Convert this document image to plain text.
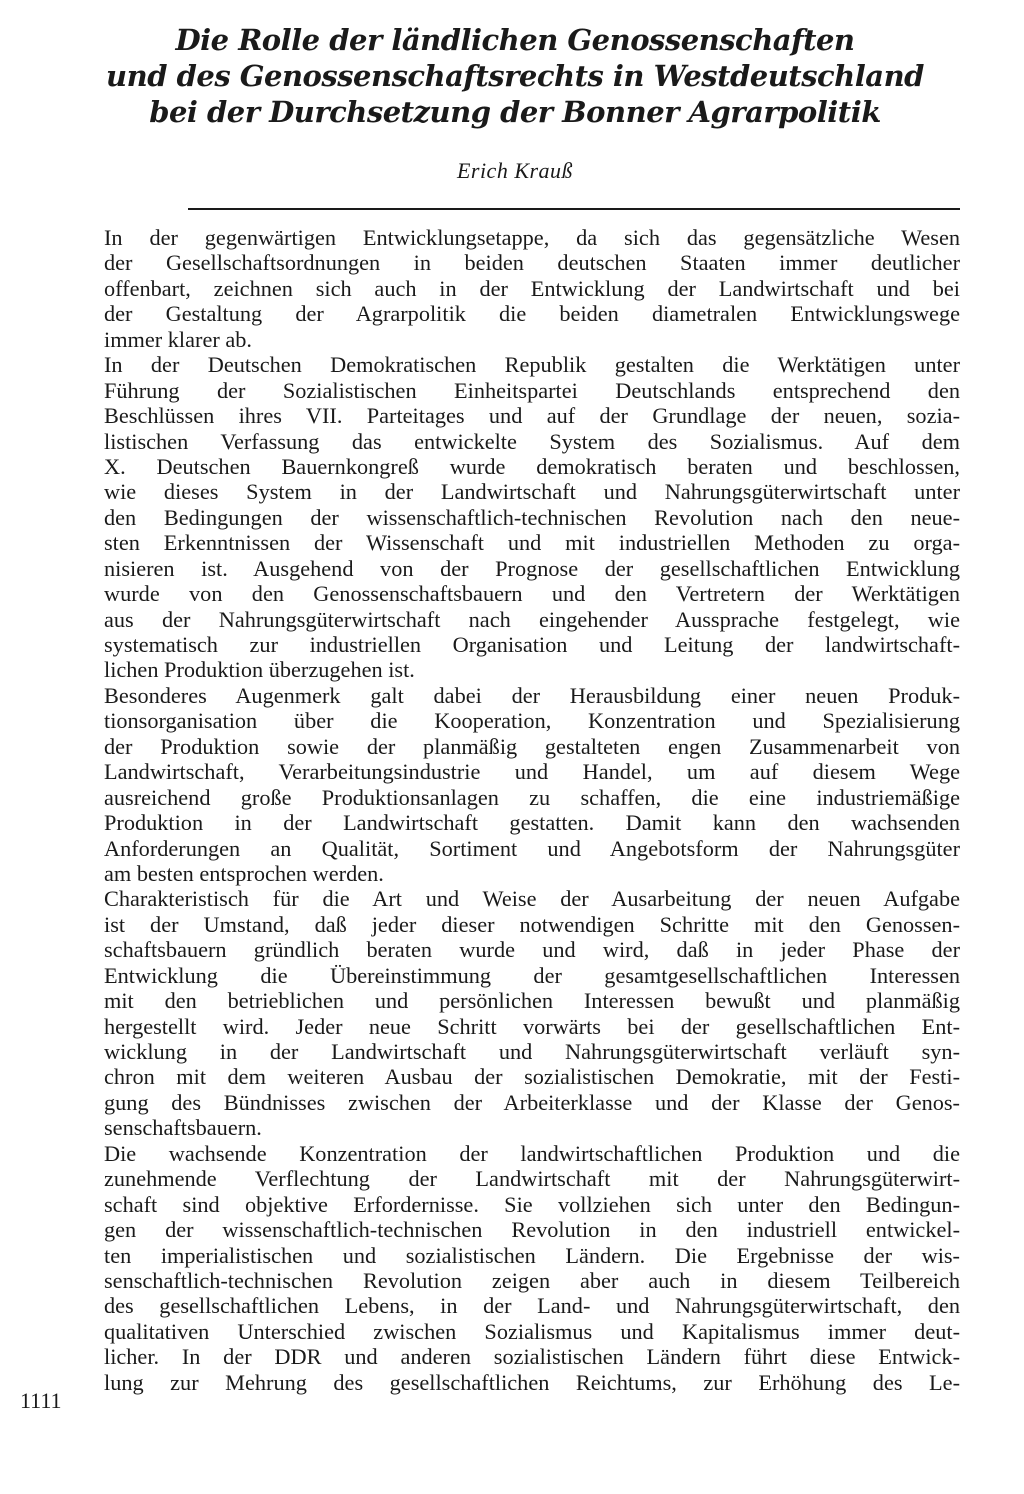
Die Rolle der ländlichen Genossenschaften
und des Genossenschaftsrechts in Westdeutschland
bei der Durchsetzung der Bonner Agrarpolitik
Erich Krauß
In der gegenwärtigen Entwicklungsetappe, da sich das gegensätzliche Wesen
der Gesellschaftsordnungen in beiden deutschen Staaten immer deutlicher
offenbart, zeichnen sich auch in der Entwicklung der Landwirtschaft und bei
der Gestaltung der Agrarpolitik die beiden diametralen Entwicklungswege
immer klarer ab.
In der Deutschen Demokratischen Republik gestalten die Werktätigen unter
Führung der Sozialistischen Einheitspartei Deutschlands entsprechend den
Beschlüssen ihres VII. Parteitages und auf der Grundlage der neuen, sozia-
listischen Verfassung das entwickelte System des Sozialismus. Auf dem
X. Deutschen Bauernkongreß wurde demokratisch beraten und beschlossen,
wie dieses System in der Landwirtschaft und Nahrungsgüterwirtschaft unter
den Bedingungen der wissenschaftlich-technischen Revolution nach den neue-
sten Erkenntnissen der Wissenschaft und mit industriellen Methoden zu orga-
nisieren ist. Ausgehend von der Prognose der gesellschaftlichen Entwicklung
wurde von den Genossenschaftsbauern und den Vertretern der Werktätigen
aus der Nahrungsgüterwirtschaft nach eingehender Aussprache festgelegt, wie
systematisch zur industriellen Organisation und Leitung der landwirtschaft-
lichen Produktion überzugehen ist.
Besonderes Augenmerk galt dabei der Herausbildung einer neuen Produk-
tionsorganisation über die Kooperation, Konzentration und Spezialisierung
der Produktion sowie der planmäßig gestalteten engen Zusammenarbeit von
Landwirtschaft, Verarbeitungsindustrie und Handel, um auf diesem Wege
ausreichend große Produktionsanlagen zu schaffen, die eine industriemäßige
Produktion in der Landwirtschaft gestatten. Damit kann den wachsenden
Anforderungen an Qualität, Sortiment und Angebotsform der Nahrungsgüter
am besten entsprochen werden.
Charakteristisch für die Art und Weise der Ausarbeitung der neuen Aufgabe
ist der Umstand, daß jeder dieser notwendigen Schritte mit den Genossen-
schaftsbauern gründlich beraten wurde und wird, daß in jeder Phase der
Entwicklung die Übereinstimmung der gesamtgesellschaftlichen Interessen
mit den betrieblichen und persönlichen Interessen bewußt und planmäßig
hergestellt wird. Jeder neue Schritt vorwärts bei der gesellschaftlichen Ent-
wicklung in der Landwirtschaft und Nahrungsgüterwirtschaft verläuft syn-
chron mit dem weiteren Ausbau der sozialistischen Demokratie, mit der Festi-
gung des Bündnisses zwischen der Arbeiterklasse und der Klasse der Genos-
senschaftsbauern.
Die wachsende Konzentration der landwirtschaftlichen Produktion und die
zunehmende Verflechtung der Landwirtschaft mit der Nahrungsgüterwirt-
schaft sind objektive Erfordernisse. Sie vollziehen sich unter den Bedingun-
gen der wissenschaftlich-technischen Revolution in den industriell entwickel-
ten imperialistischen und sozialistischen Ländern. Die Ergebnisse der wis-
senschaftlich-technischen Revolution zeigen aber auch in diesem Teilbereich
des gesellschaftlichen Lebens, in der Land- und Nahrungsgüterwirtschaft, den
qualitativen Unterschied zwischen Sozialismus und Kapitalismus immer deut-
licher. In der DDR und anderen sozialistischen Ländern führt diese Entwick-
lung zur Mehrung des gesellschaftlichen Reichtums, zur Erhöhung des Le-
1111
